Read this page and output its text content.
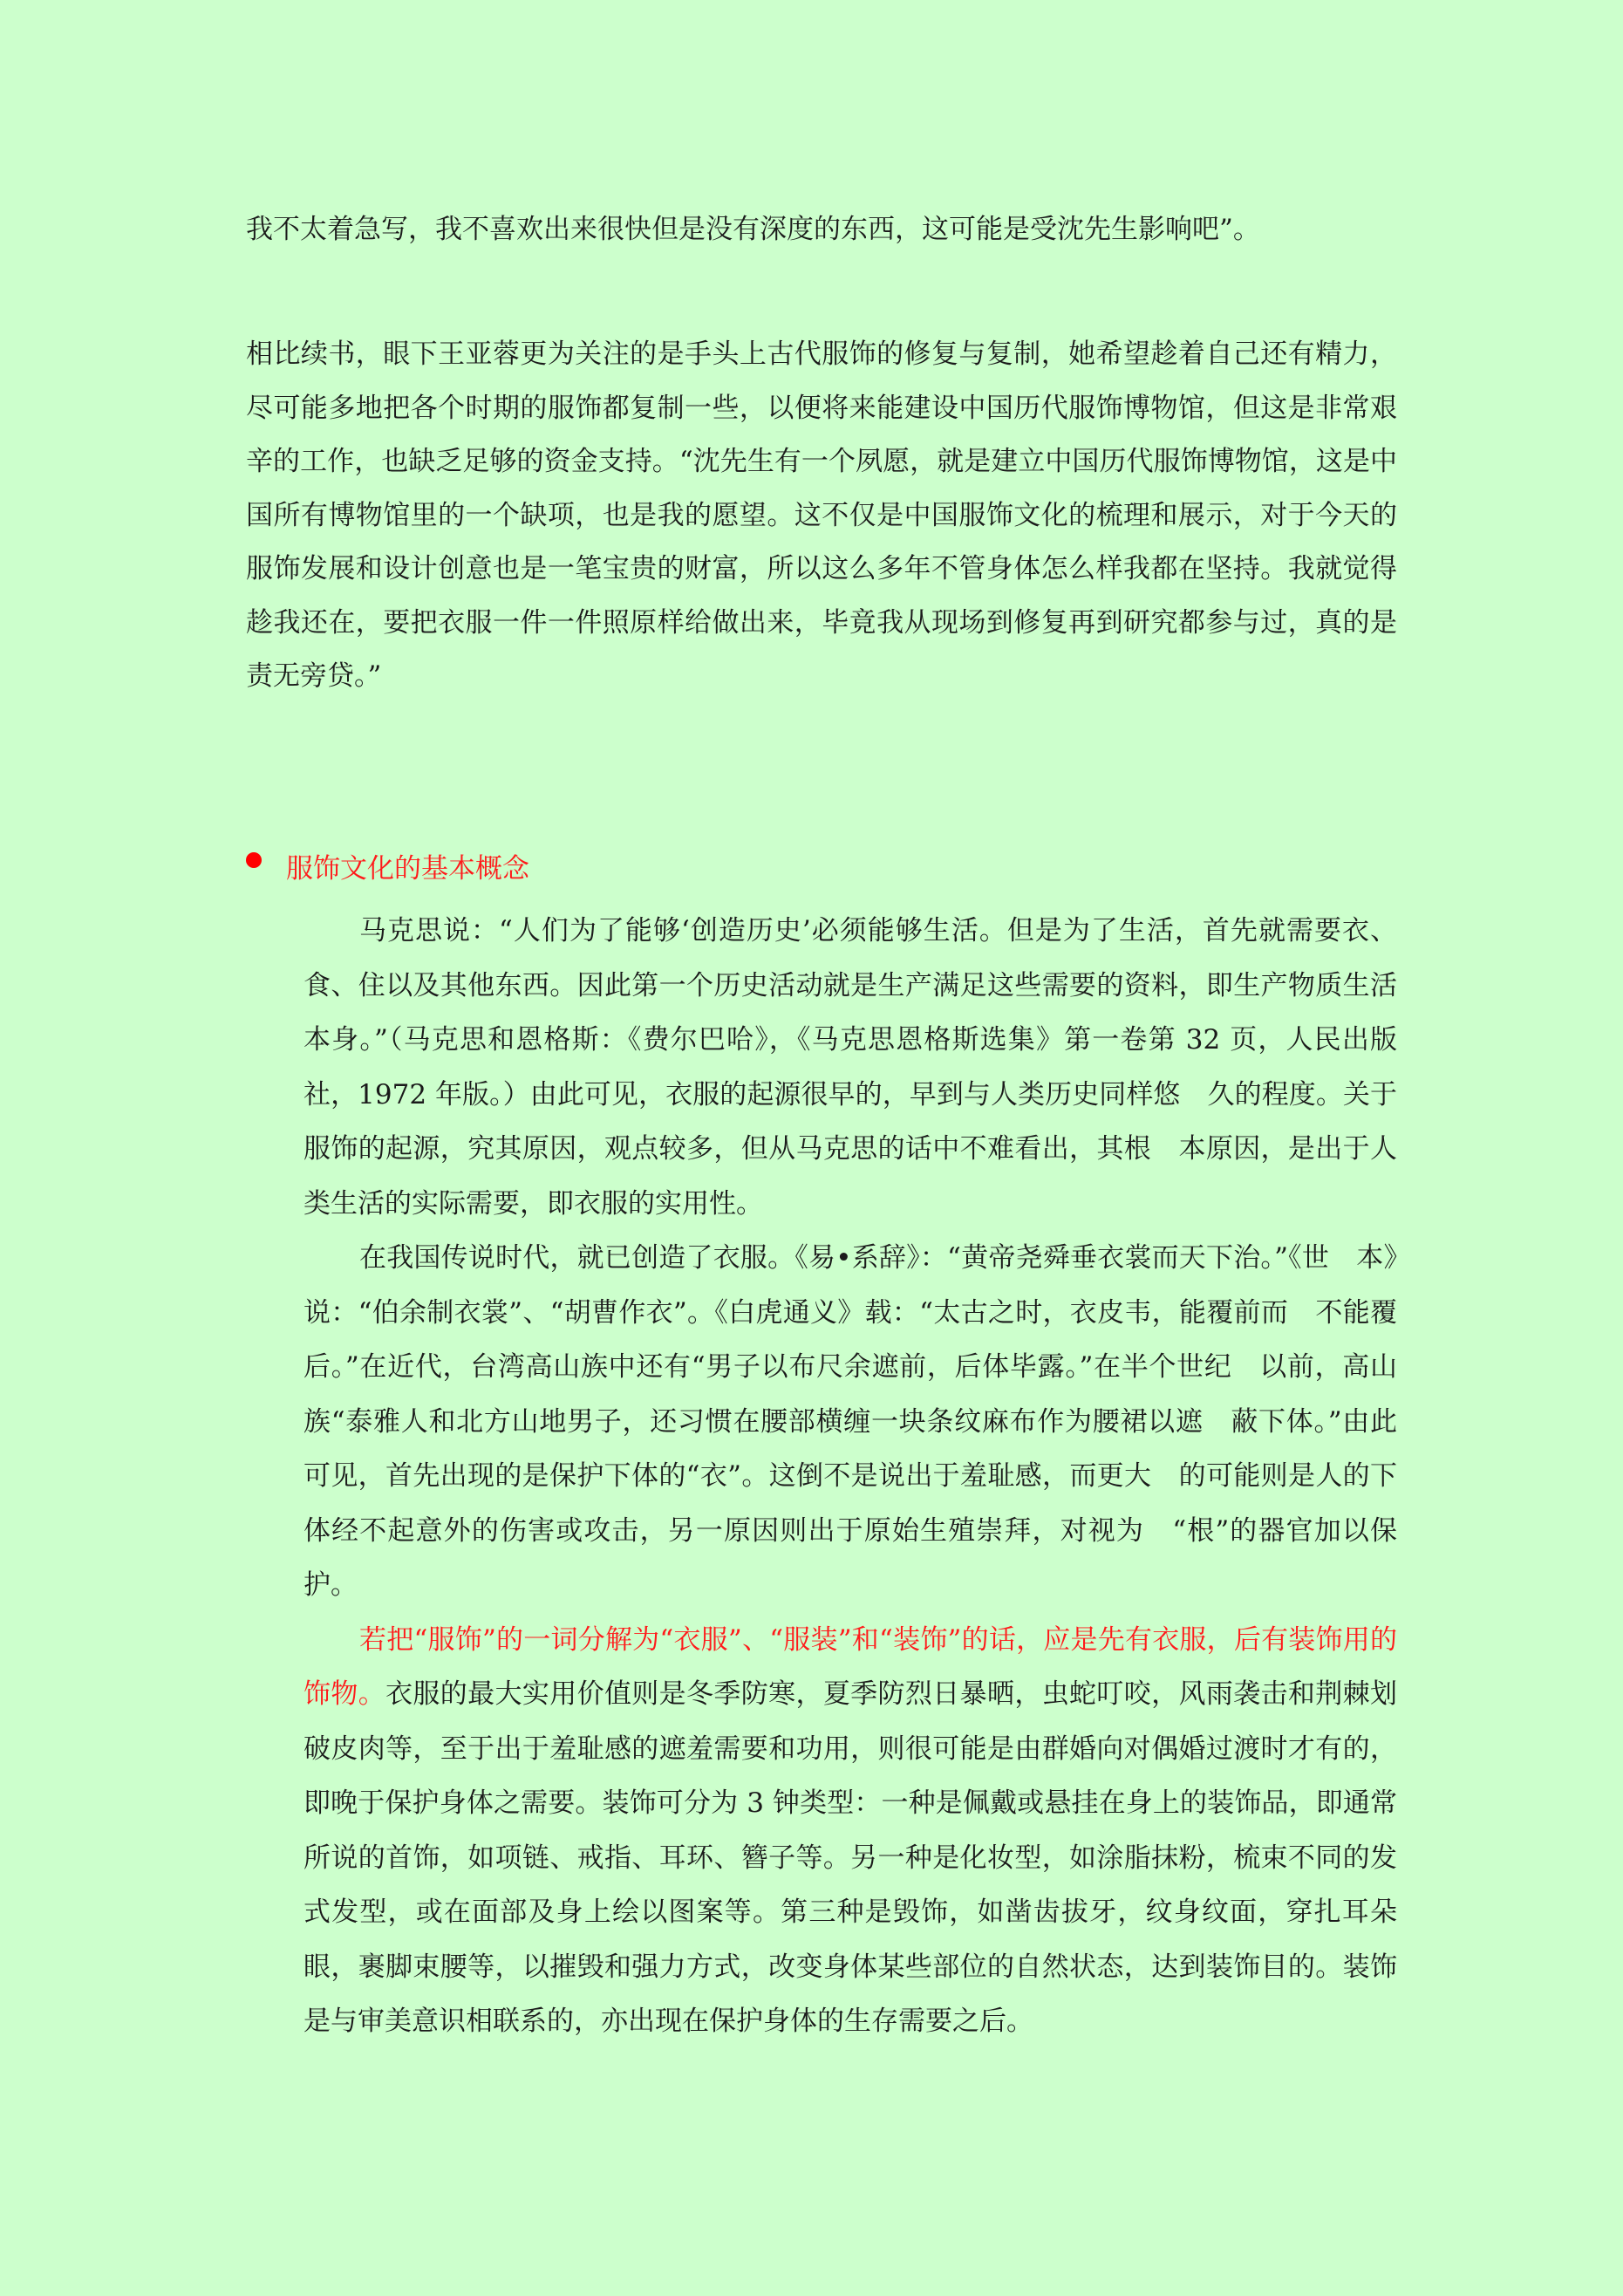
我不太着急写，我不喜欢出来很快但是没有深度的东西，这可能是受沈先生影响吧”。

相比续书，眼下王亚蓉更为关注的是手头上古代服饰的修复与复制，她希望趁着自己还有精力，尽可能多地把各个时期的服饰都复制一些，以便将来能建设中国历代服饰博物馆，但这是非常艰辛的工作，也缺乏足够的资金支持。“沈先生有一个夙愿，就是建立中国历代服饰博物馆，这是中国所有博物馆里的一个缺项，也是我的愿望。这不仅是中国服饰文化的梳理和展示，对于今天的服饰发展和设计创意也是一笔宝贵的财富，所以这么多年不管身体怎么样我都在坚持。我就觉得趁我还在，要把衣服一件一件照原样给做出来，毕竟我从现场到修复再到研究都参与过，真的是责无旁贷。”

服饰文化的基本概念

马克思说：“人们为了能够‘创造历史’必须能够生活。但是为了生活，首先就需要衣、食、住以及其他东西。因此第一个历史活动就是生产满足这些需要的资料，即生产物质生活本身。”（马克思和恩格斯：《费尔巴哈》，《马克思恩格斯选集》第一卷第 32 页，人民出版社，1972 年版。）由此可见，衣服的起源很早的，早到与人类历史同样悠　久的程度。关于服饰的起源，究其原因，观点较多，但从马克思的话中不难看出，其根　本原因，是出于人类生活的实际需要，即衣服的实用性。

在我国传说时代，就已创造了衣服。《易•系辞》：“黄帝尧舜垂衣裳而天下治。”《世　本》说：“伯余制衣裳”、“胡曹作衣”。《白虎通义》载：“太古之时，衣皮韦，能覆前而　不能覆后。”在近代，台湾高山族中还有“男子以布尺余遮前，后体毕露。”在半个世纪　以前，高山族“泰雅人和北方山地男子，还习惯在腰部横缠一块条纹麻布作为腰裙以遮　蔽下体。”由此可见，首先出现的是保护下体的“衣”。这倒不是说出于羞耻感，而更大　的可能则是人的下体经不起意外的伤害或攻击，另一原因则出于原始生殖崇拜，对视为　“根”的器官加以保护。

若把“服饰”的一词分解为“衣服”、“服装”和“装饰”的话，应是先有衣服，后有装饰用的饰物。衣服的最大实用价值则是冬季防寒，夏季防烈日暴晒，虫蛇叮咬，风雨袭击和荆棘划破皮肉等，至于出于羞耻感的遮羞需要和功用，则很可能是由群婚向对偶婚过渡时才有的，即晚于保护身体之需要。装饰可分为 3 钟类型：一种是佩戴或悬挂在身上的装饰品，即通常所说的首饰，如项链、戒指、耳环、簪子等。另一种是化妆型，如涂脂抹粉，梳束不同的发式发型，或在面部及身上绘以图案等。第三种是毁饰，如凿齿拔牙，纹身纹面，穿扎耳朵眼，裹脚束腰等，以摧毁和强力方式，改变身体某些部位的自然状态，达到装饰目的。装饰是与审美意识相联系的，亦出现在保护身体的生存需要之后。
